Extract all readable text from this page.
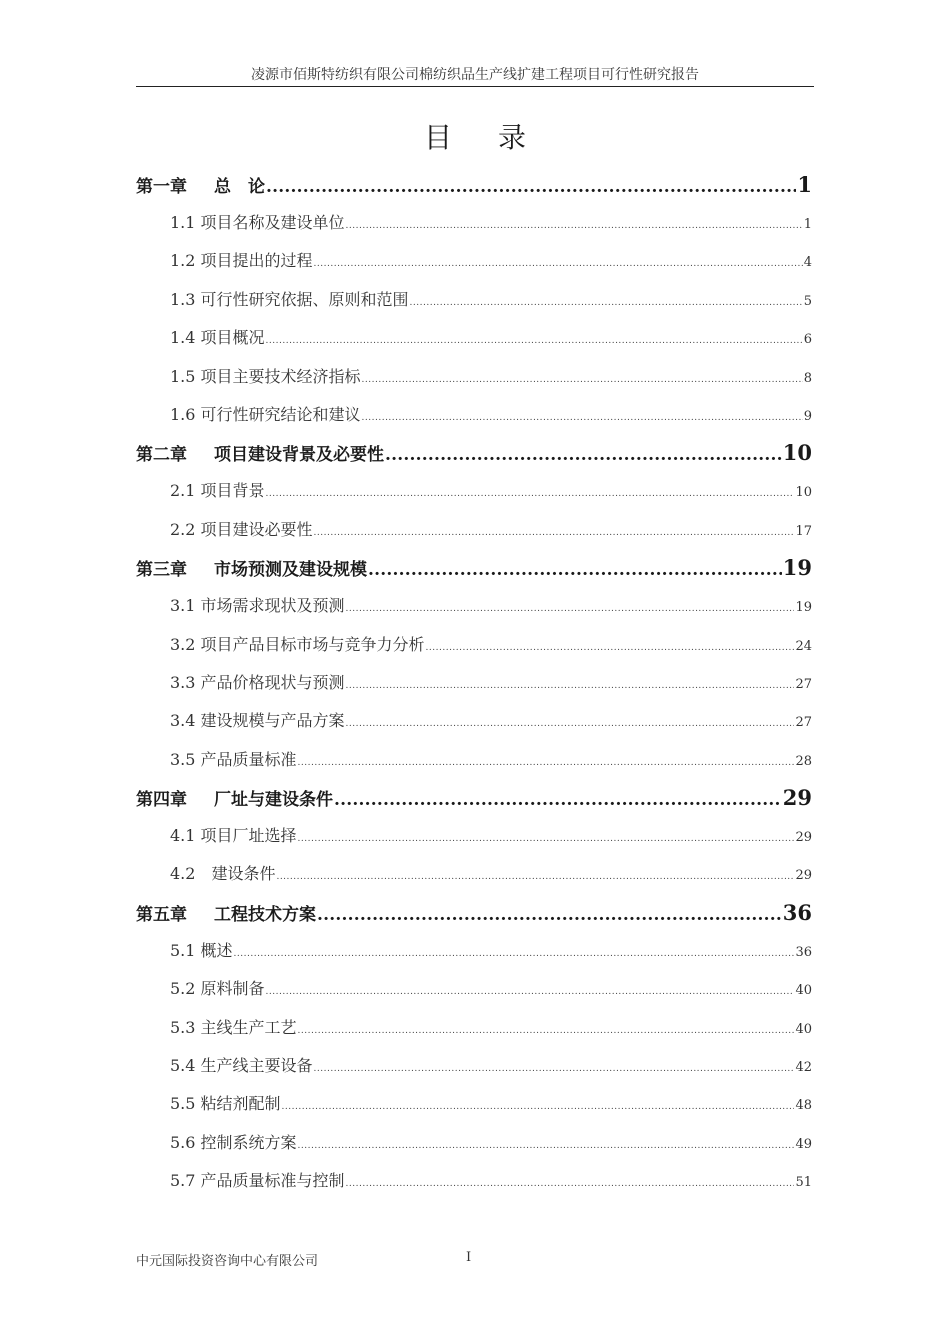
凌源市佰斯特纺织有限公司棉纺织品生产线扩建工程项目可行性研究报告
目录
第一章 总　论 .....	1
1.1 项目名称及建设单位 .....	1
1.2 项目提出的过程 .....	4
1.3 可行性研究依据、原则和范围 .....	5
1.4 项目概况 .....	6
1.5 项目主要技术经济指标 .....	8
1.6 可行性研究结论和建议 .....	9
第二章 项目建设背景及必要性 .....	10
2.1 项目背景 .....	10
2.2 项目建设必要性 .....	17
第三章 市场预测及建设规模 .....	19
3.1 市场需求现状及预测 .....	19
3.2 项目产品目标市场与竞争力分析 .....	24
3.3 产品价格现状与预测 .....	27
3.4 建设规模与产品方案 .....	27
3.5 产品质量标准 .....	28
第四章 厂址与建设条件 .....	29
4.1 项目厂址选择 .....	29
4.2　建设条件 .....	29
第五章 工程技术方案 .....	36
5.1 概述 .....	36
5.2 原料制备 .....	40
5.3 主线生产工艺 .....	40
5.4 生产线主要设备 .....	42
5.5 粘结剂配制 .....	48
5.6 控制系统方案 .....	49
5.7 产品质量标准与控制 .....	51
中元国际投资咨询中心有限公司	I
